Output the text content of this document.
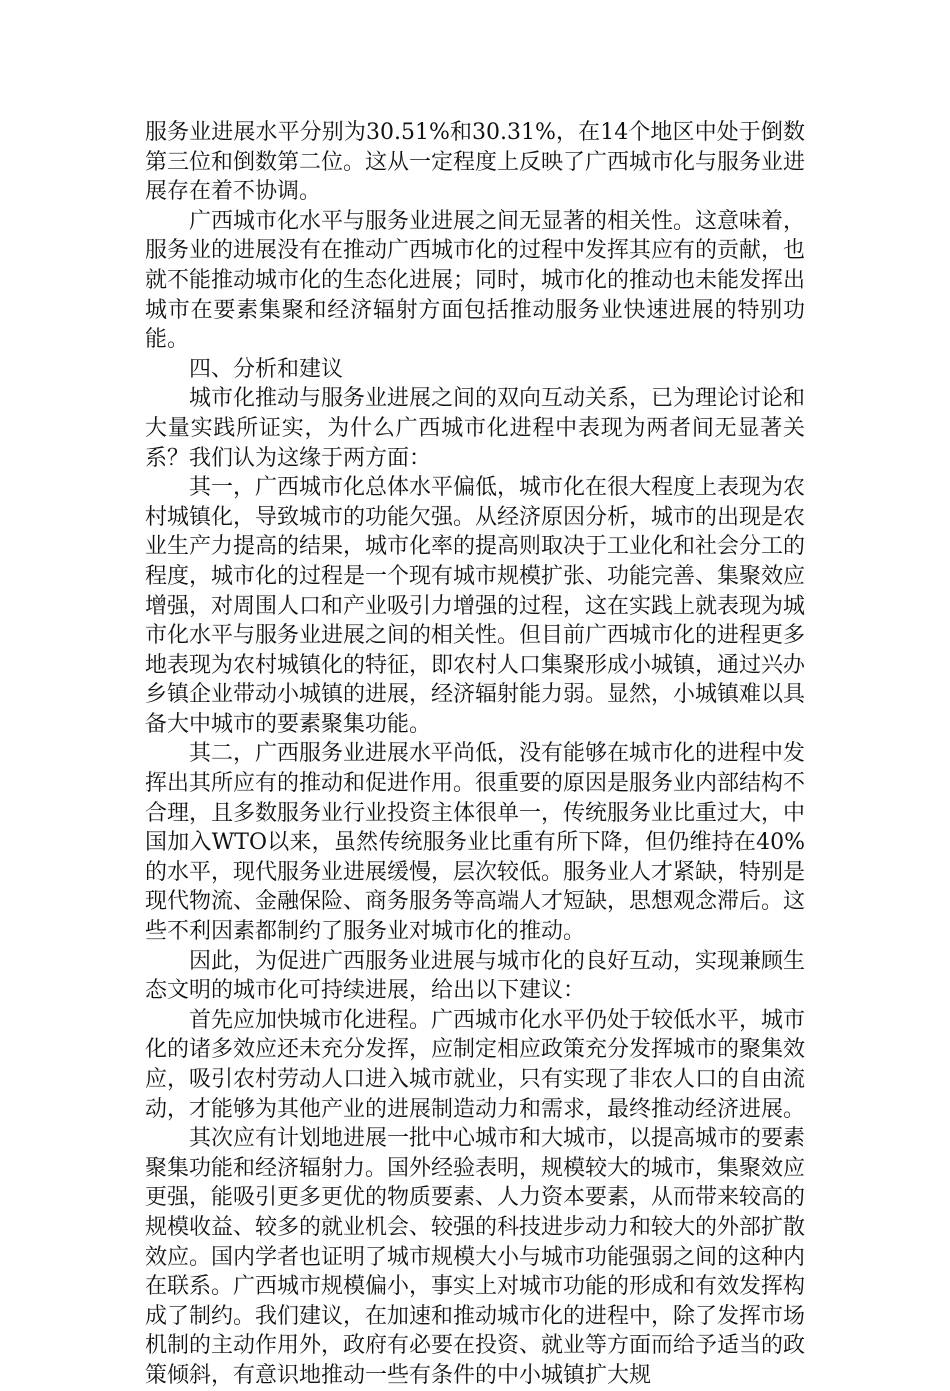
服务业进展水平分别为30.51%和30.31%，在14个地区中处于倒数第三位和倒数第二位。这从一定程度上反映了广西城市化与服务业进展存在着不协调。

广西城市化水平与服务业进展之间无显著的相关性。这意味着，服务业的进展没有在推动广西城市化的过程中发挥其应有的贡献，也就不能推动城市化的生态化进展；同时，城市化的推动也未能发挥出城市在要素集聚和经济辐射方面包括推动服务业快速进展的特别功能。

四、分析和建议

城市化推动与服务业进展之间的双向互动关系，已为理论讨论和大量实践所证实，为什么广西城市化进程中表现为两者间无显著关系？我们认为这缘于两方面：

其一，广西城市化总体水平偏低，城市化在很大程度上表现为农村城镇化，导致城市的功能欠强。从经济原因分析，城市的出现是农业生产力提高的结果，城市化率的提高则取决于工业化和社会分工的程度，城市化的过程是一个现有城市规模扩张、功能完善、集聚效应增强，对周围人口和产业吸引力增强的过程，这在实践上就表现为城市化水平与服务业进展之间的相关性。但目前广西城市化的进程更多地表现为农村城镇化的特征，即农村人口集聚形成小城镇，通过兴办乡镇企业带动小城镇的进展，经济辐射能力弱。显然，小城镇难以具备大中城市的要素聚集功能。

其二，广西服务业进展水平尚低，没有能够在城市化的进程中发挥出其所应有的推动和促进作用。很重要的原因是服务业内部结构不合理，且多数服务业行业投资主体很单一，传统服务业比重过大，中国加入WTO以来，虽然传统服务业比重有所下降，但仍维持在40%的水平，现代服务业进展缓慢，层次较低。服务业人才紧缺，特别是现代物流、金融保险、商务服务等高端人才短缺，思想观念滞后。这些不利因素都制约了服务业对城市化的推动。

因此，为促进广西服务业进展与城市化的良好互动，实现兼顾生态文明的城市化可持续进展，给出以下建议：

首先应加快城市化进程。广西城市化水平仍处于较低水平，城市化的诸多效应还未充分发挥，应制定相应政策充分发挥城市的聚集效应，吸引农村劳动人口进入城市就业，只有实现了非农人口的自由流动，才能够为其他产业的进展制造动力和需求，最终推动经济进展。

其次应有计划地进展一批中心城市和大城市，以提高城市的要素聚集功能和经济辐射力。国外经验表明，规模较大的城市，集聚效应更强，能吸引更多更优的物质要素、人力资本要素，从而带来较高的规模收益、较多的就业机会、较强的科技进步动力和较大的外部扩散效应。国内学者也证明了城市规模大小与城市功能强弱之间的这种内在联系。广西城市规模偏小，事实上对城市功能的形成和有效发挥构成了制约。我们建议，在加速和推动城市化的进程中，除了发挥市场机制的主动作用外，政府有必要在投资、就业等方面而给予适当的政策倾斜，有意识地推动一些有条件的中小城镇扩大规
